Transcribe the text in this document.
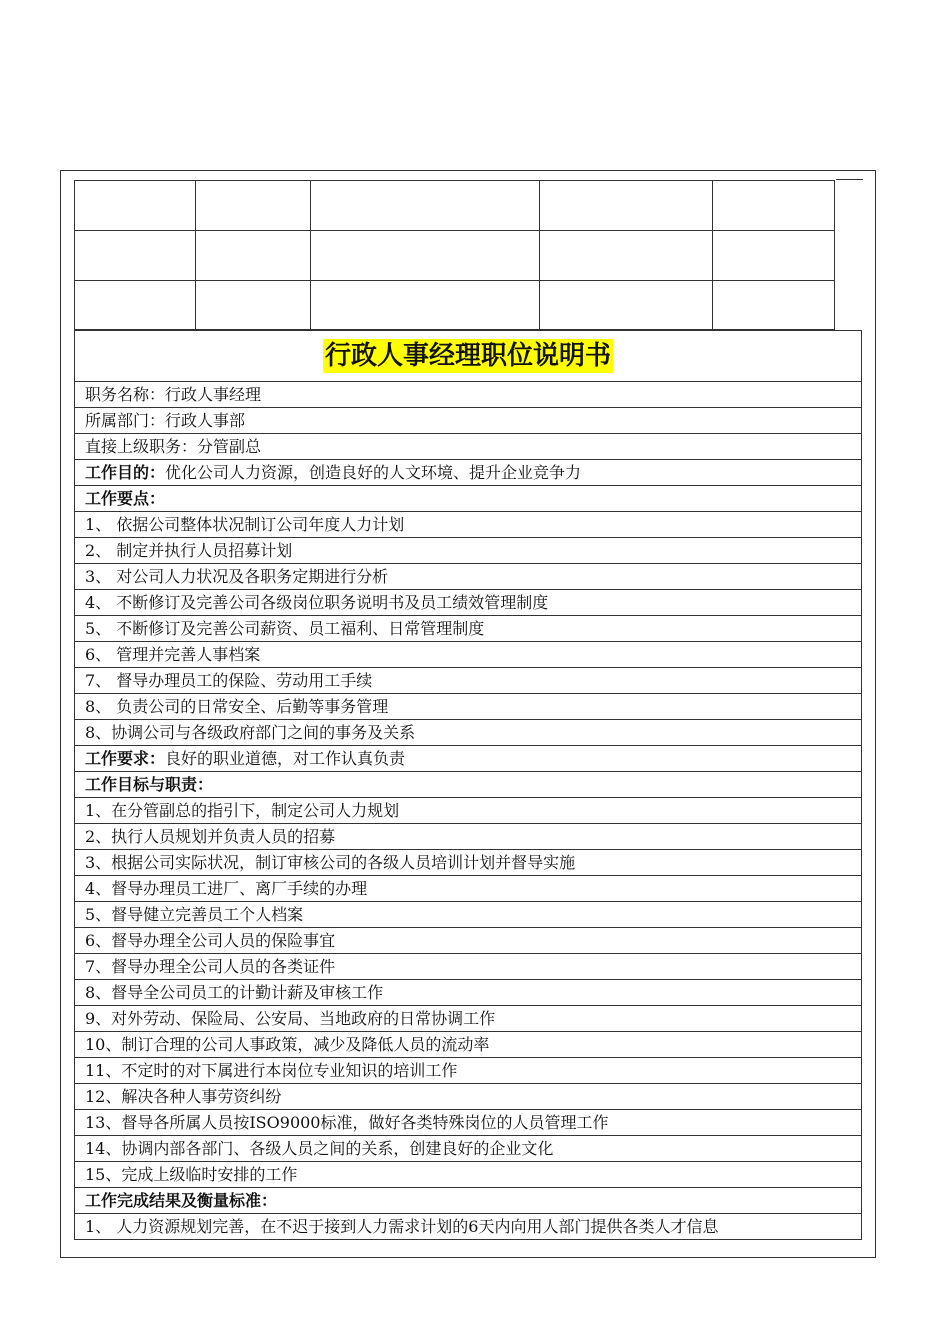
行政人事经理职位说明书
职务名称：行政人事经理
所属部门：行政人事部
直接上级职务：分管副总
工作目的：优化公司人力资源，创造良好的人文环境、提升企业竞争力
工作要点：
1、 依据公司整体状况制订公司年度人力计划
2、 制定并执行人员招募计划
3、 对公司人力状况及各职务定期进行分析
4、 不断修订及完善公司各级岗位职务说明书及员工绩效管理制度
5、 不断修订及完善公司薪资、员工福利、日常管理制度
6、 管理并完善人事档案
7、 督导办理员工的保险、劳动用工手续
8、 负责公司的日常安全、后勤等事务管理
8、协调公司与各级政府部门之间的事务及关系
工作要求：良好的职业道德，对工作认真负责
工作目标与职责：
1、在分管副总的指引下，制定公司人力规划
2、执行人员规划并负责人员的招募
3、根据公司实际状况，制订审核公司的各级人员培训计划并督导实施
4、督导办理员工进厂、离厂手续的办理
5、督导健立完善员工个人档案
6、督导办理全公司人员的保险事宜
7、督导办理全公司人员的各类证件
8、督导全公司员工的计勤计薪及审核工作
9、对外劳动、保险局、公安局、当地政府的日常协调工作
10、制订合理的公司人事政策，减少及降低人员的流动率
11、不定时的对下属进行本岗位专业知识的培训工作
12、解决各种人事劳资纠纷
13、督导各所属人员按ISO9000标准，做好各类特殊岗位的人员管理工作
14、协调内部各部门、各级人员之间的关系，创建良好的企业文化
15、完成上级临时安排的工作
工作完成结果及衡量标准：
1、 人力资源规划完善，在不迟于接到人力需求计划的6天内向用人部门提供各类人才信息
